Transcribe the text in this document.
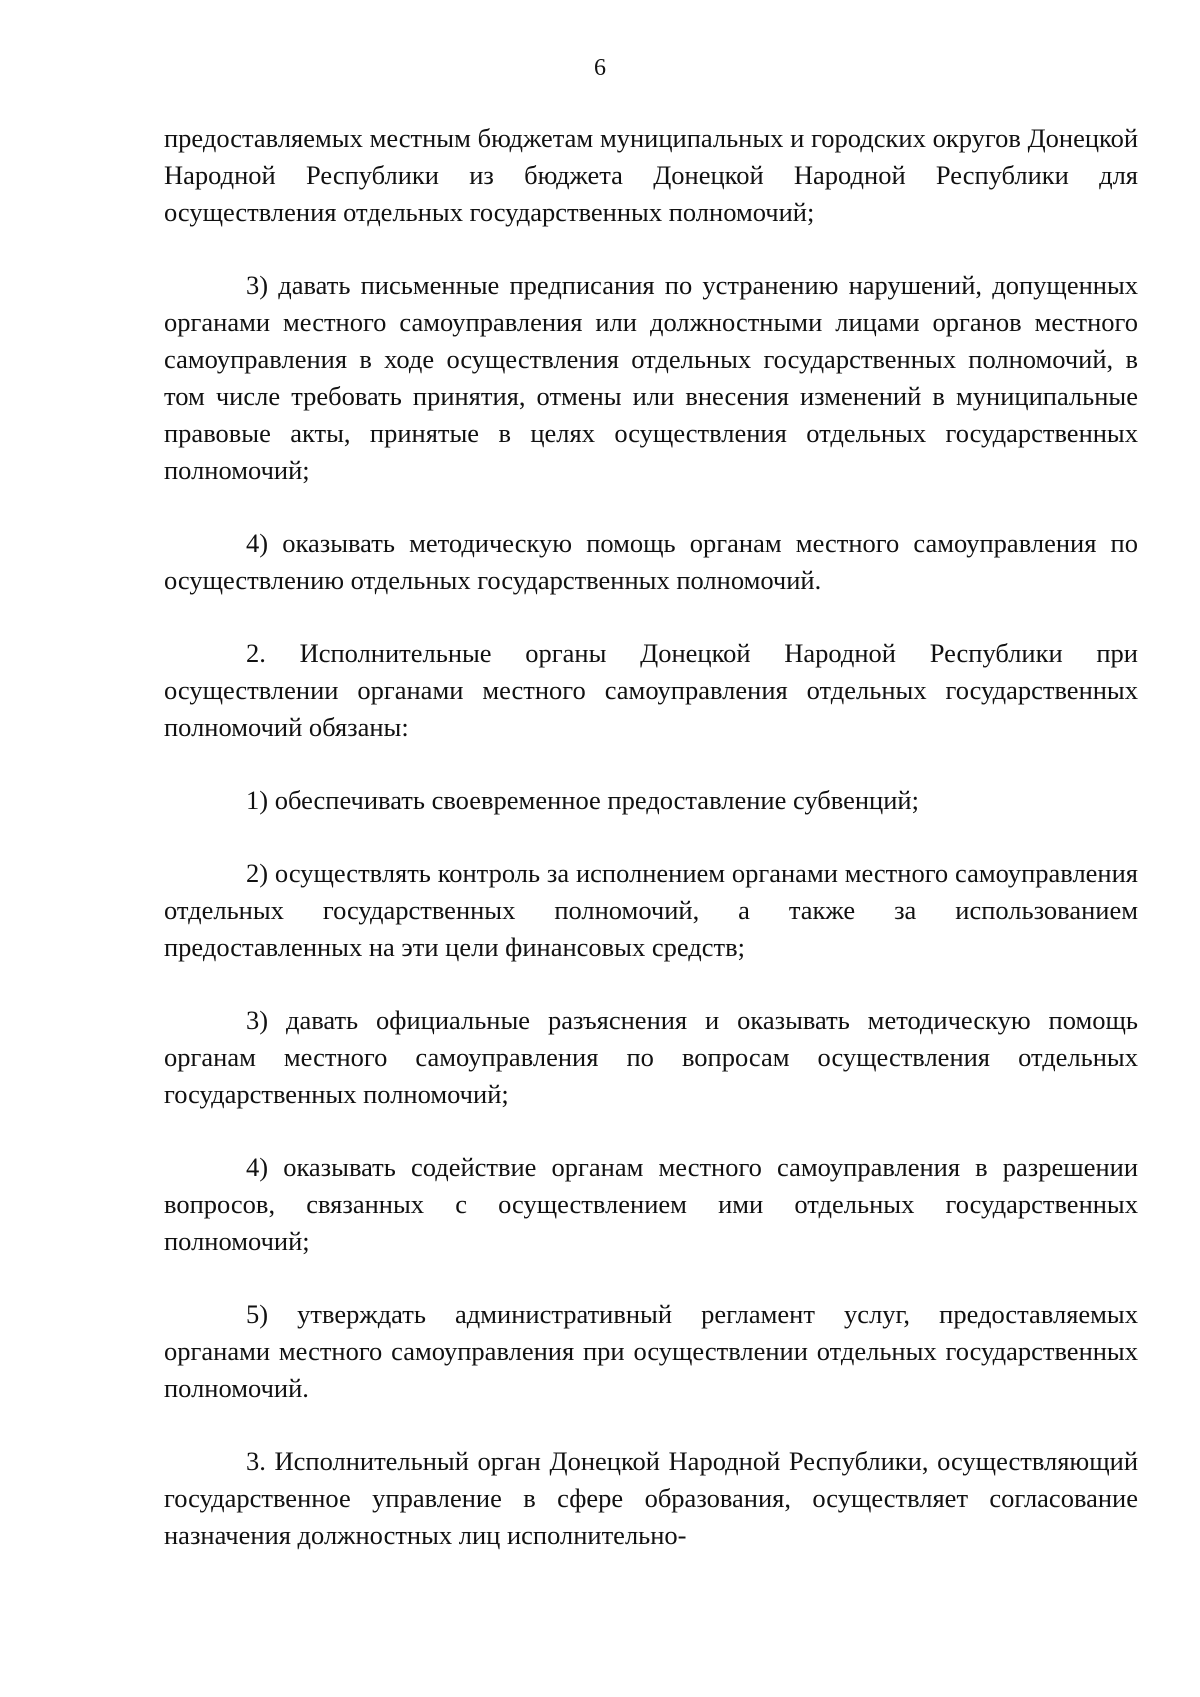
6

предоставляемых местным бюджетам муниципальных и городских округов Донецкой Народной Республики из бюджета Донецкой Народной Республики для осуществления отдельных государственных полномочий;

3) давать письменные предписания по устранению нарушений, допущенных органами местного самоуправления или должностными лицами органов местного самоуправления в ходе осуществления отдельных государственных полномочий, в том числе требовать принятия, отмены или внесения изменений в муниципальные правовые акты, принятые в целях осуществления отдельных государственных полномочий;

4) оказывать методическую помощь органам местного самоуправления по осуществлению отдельных государственных полномочий.

2. Исполнительные органы Донецкой Народной Республики при осуществлении органами местного самоуправления отдельных государственных полномочий обязаны:

1) обеспечивать своевременное предоставление субвенций;

2) осуществлять контроль за исполнением органами местного самоуправления отдельных государственных полномочий, а также за использованием предоставленных на эти цели финансовых средств;

3) давать официальные разъяснения и оказывать методическую помощь органам местного самоуправления по вопросам осуществления отдельных государственных полномочий;

4) оказывать содействие органам местного самоуправления в разрешении вопросов, связанных с осуществлением ими отдельных государственных полномочий;

5) утверждать административный регламент услуг, предоставляемых органами местного самоуправления при осуществлении отдельных государственных полномочий.

3. Исполнительный орган Донецкой Народной Республики, осуществляющий государственное управление в сфере образования, осуществляет согласование назначения должностных лиц исполнительно-
